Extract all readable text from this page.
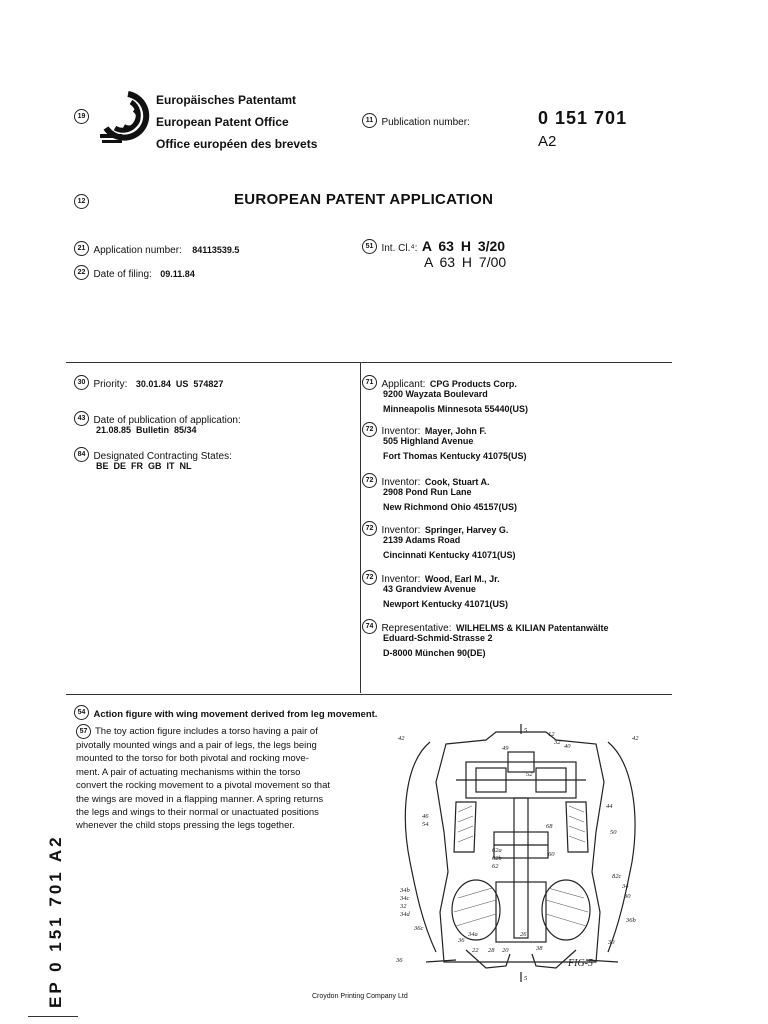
19
Europäisches Patentamt
European Patent Office
Office européen des brevets
11 Publication number:	0 151 701
A2
12	EUROPEAN PATENT APPLICATION
21 Application number: 84113539.5
22 Date of filing: 09.11.84
51 Int. Cl.⁴: A 63 H 3/20
A 63 H 7/00
30 Priority: 30.01.84  US  574827
43 Date of publication of application:
21.08.85  Bulletin  85/34
84 Designated Contracting States:
BE  DE  FR  GB  IT  NL
71 Applicant: CPG Products Corp.
9200 Wayzata Boulevard
Minneapolis Minnesota 55440(US)
72 Inventor: Mayer, John F.
505 Highland Avenue
Fort Thomas Kentucky 41075(US)
72 Inventor: Cook, Stuart A.
2908 Pond Run Lane
New Richmond Ohio 45157(US)
72 Inventor: Springer, Harvey G.
2139 Adams Road
Cincinnati Kentucky 41071(US)
72 Inventor: Wood, Earl M., Jr.
43 Grandview Avenue
Newport Kentucky 41071(US)
74 Representative: WILHELMS & KILIAN Patentanwälte
Eduard-Schmid-Strasse 2
D-8000 München 90(DE)
54 Action figure with wing movement derived from leg movement.
57 The toy action figure includes a torso having a pair of
pivotally mounted wings and a pair of legs, the legs being
mounted to the torso for both pivotal and rocking move-
ment. A pair of actuating mechanisms within the torso
convert the rocking movement to a pivotal movement so that
the wings are moved in a flapping manner. A spring returns
the legs and wings to their normal or unactuated positions
whenever the child stops pressing the legs together.
EP 0 151 701 A2
42
12
32
49	40
42
52
44
46
54	68
50
62a
62b
62
60
82c
34
34b
34c
32
34d
36c
30
36
34a
22 28 20	38
26
36b
30
5
5
36	FIG-5
Croydon Printing Company Ltd
